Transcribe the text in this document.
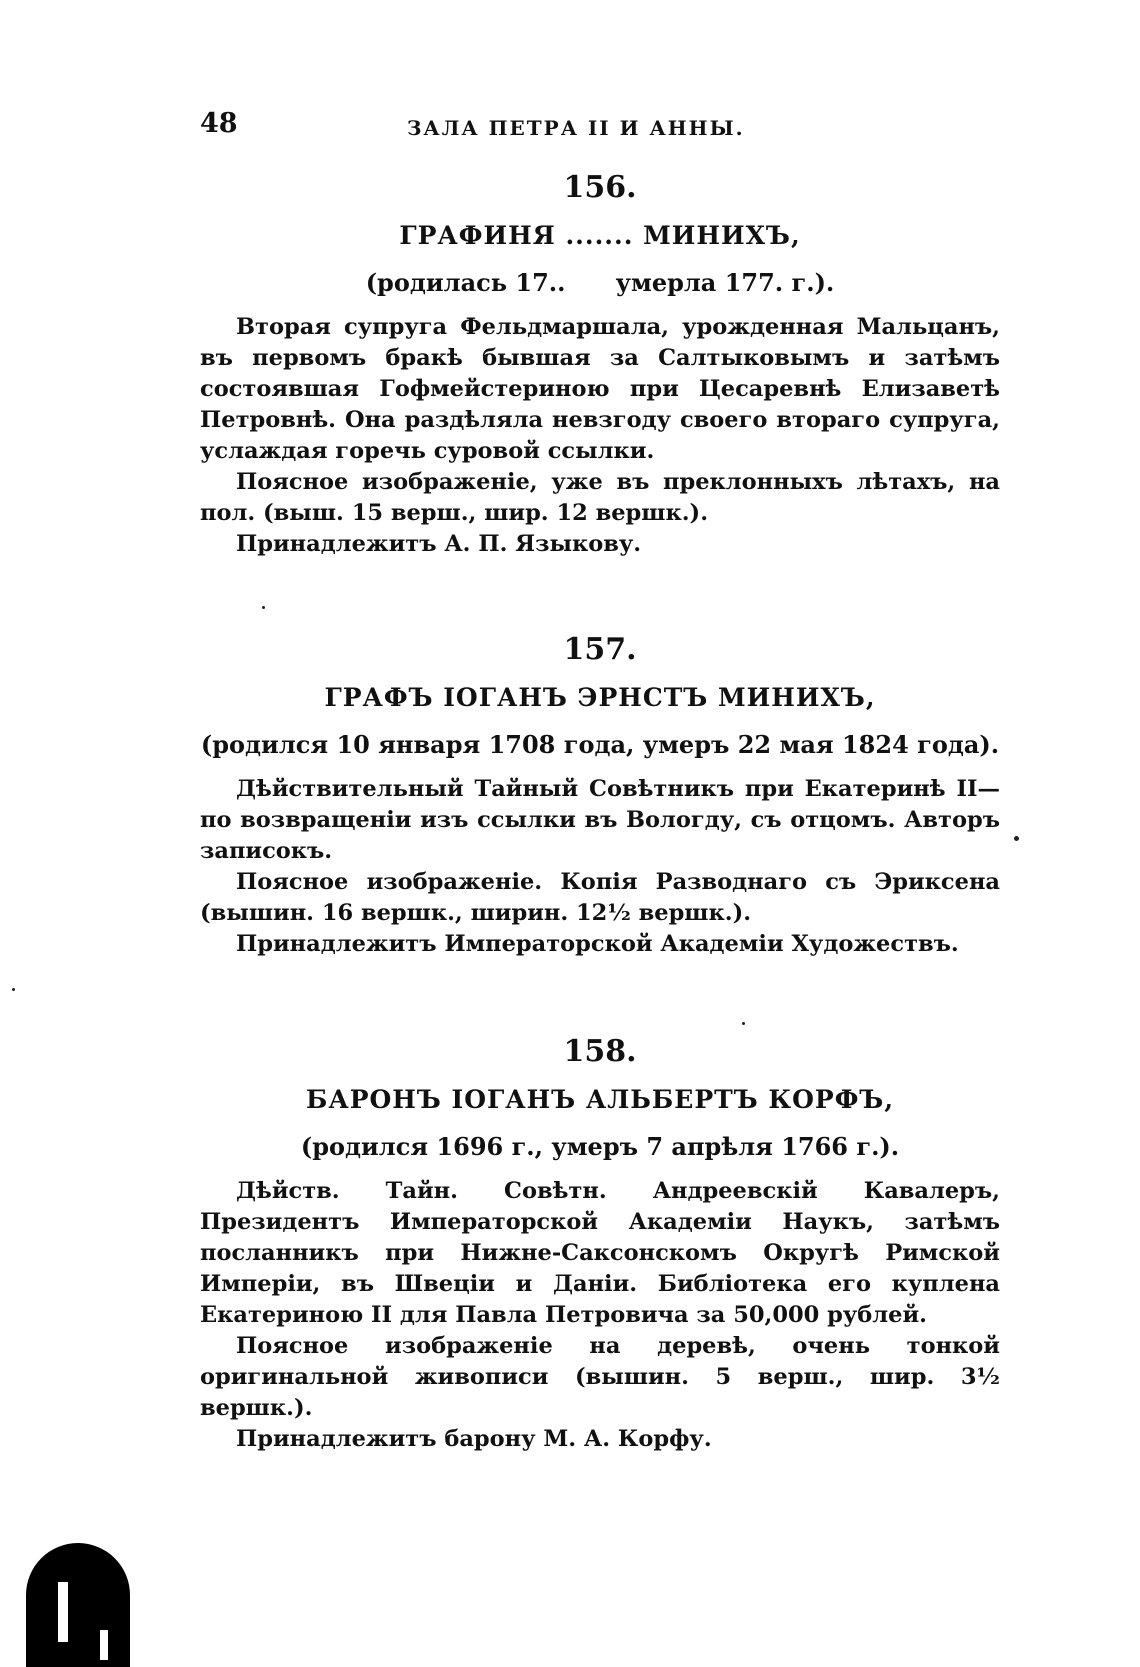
48	ЗАЛА ПЕТРА II И АННЫ.
156.
ГРАФИНЯ ....... МИНИХЪ,
(родилась 17..      умерла 177. г.).

Вторая супруга Фельдмаршала, урожденная Мальцанъ, въ первомъ бракѣ бывшая за Салтыковымъ и затѣмъ состоявшая Гофмейстериною при Цесаревнѣ Елизаветѣ Петровнѣ. Она раздѣляла невзгоду своего втораго супруга, услаждая горечь суровой ссылки.

Поясное изображеніе, уже въ преклонныхъ лѣтахъ, на пол. (выш. 15 верш., шир. 12 вершк.).

Принадлежитъ А. П. Языкову.

157.
ГРАФЪ ІОГАНЪ ЭРНСТЪ МИНИХЪ,
(родился 10 января 1708 года, умеръ 22 мая 1824 года).

Дѣйствительный Тайный Совѣтникъ при Екатеринѣ II—по возвращеніи изъ ссылки въ Вологду, съ отцомъ. Авторъ записокъ.

Поясное изображеніе. Копія Разводнаго съ Эриксена (вышин. 16 вершк., ширин. 12½ вершк.).

Принадлежитъ Императорской Академіи Художествъ.

158.
БАРОНЪ ІОГАНЪ АЛЬБЕРТЪ КОРФЪ,
(родился 1696 г., умеръ 7 апрѣля 1766 г.).

Дѣйств. Тайн. Совѣтн. Андреевскій Кавалеръ, Президентъ Императорской Академіи Наукъ, затѣмъ посланникъ при Нижне-Саксонскомъ Округѣ Римской Имперіи, въ Швеціи и Даніи. Библіотека его куплена Екатериною II для Павла Петровича за 50,000 рублей.

Поясное изображеніе на деревѣ, очень тонкой оригинальной живописи (вышин. 5 верш., шир. 3½ вершк.).

Принадлежитъ барону М. А. Корфу.
